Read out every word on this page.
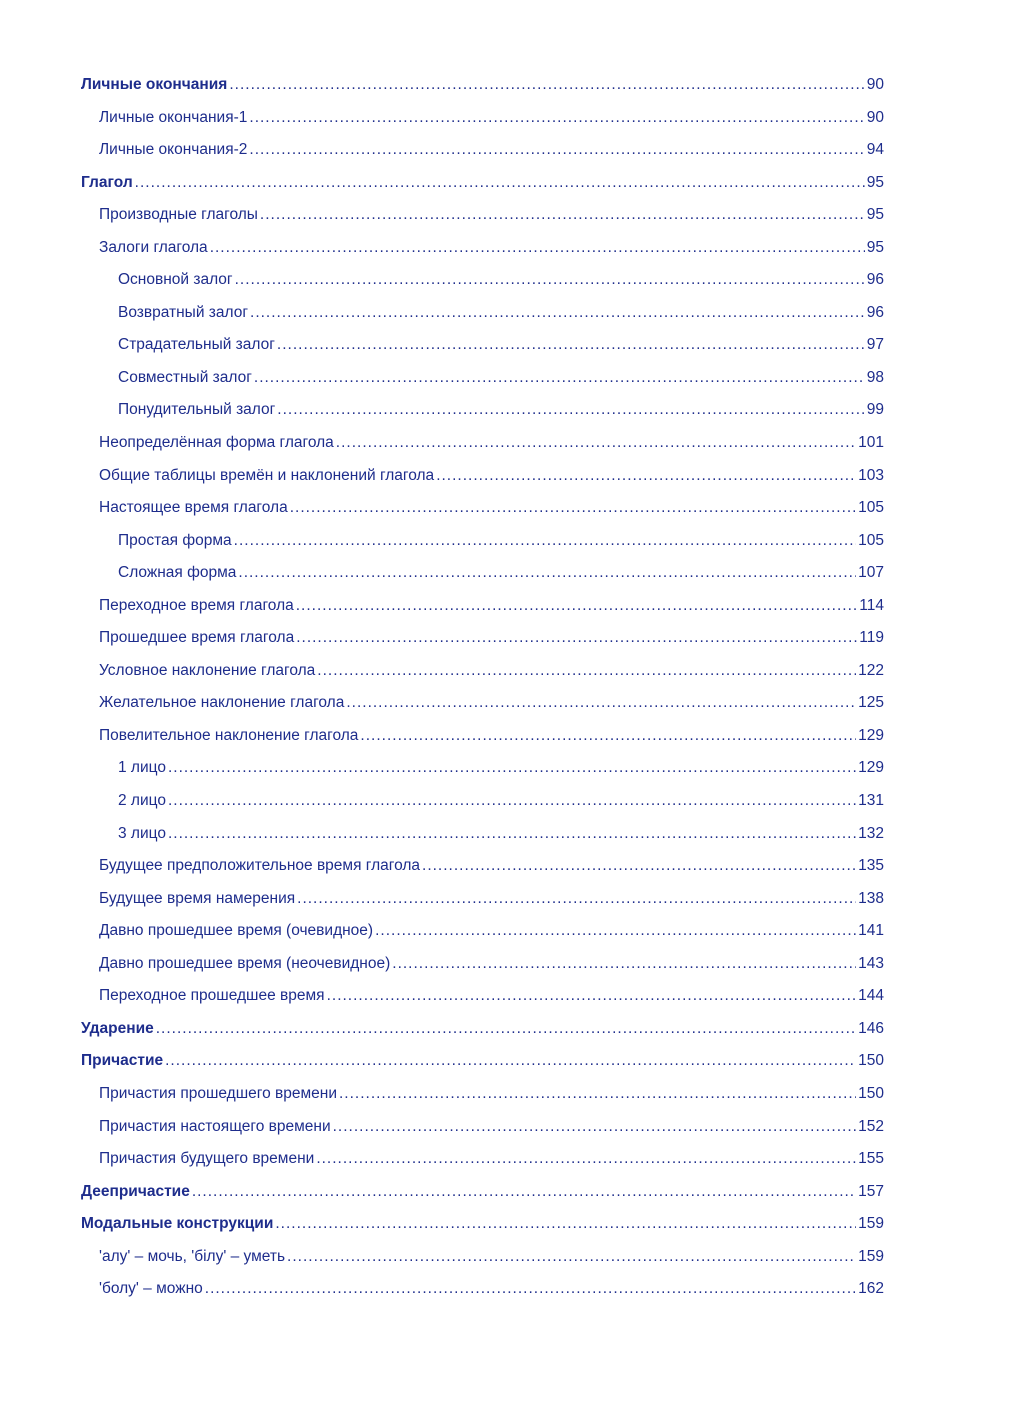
Личные окончания .....	90
Личные окончания-1 .....	90
Личные окончания-2 .....	94
Глагол .....	95
Производные глаголы .....	95
Залоги глагола .....	95
Основной залог .....	96
Возвратный залог .....	96
Страдательный залог .....	97
Совместный залог .....	98
Понудительный залог .....	99
Неопределённая форма глагола .....	101
Общие таблицы времён и наклонений глагола .....	103
Настоящее время глагола .....	105
Простая форма .....	105
Сложная форма .....	107
Переходное время глагола .....	114
Прошедшее время глагола .....	119
Условное наклонение глагола .....	122
Желательное наклонение глагола .....	125
Повелительное наклонение глагола .....	129
1 лицо .....	129
2 лицо .....	131
3 лицо .....	132
Будущее предположительное время глагола .....	135
Будущее время намерения .....	138
Давно прошедшее время (очевидное) .....	141
Давно прошедшее время (неочевидное) .....	143
Переходное прошедшее время .....	144
Ударение .....	146
Причастие .....	150
Причастия прошедшего времени .....	150
Причастия настоящего времени .....	152
Причастия будущего времени .....	155
Деепричастие .....	157
Модальные конструкции .....	159
'алу' – мочь, 'білу' – уметь .....	159
'болу' – можно .....	162
